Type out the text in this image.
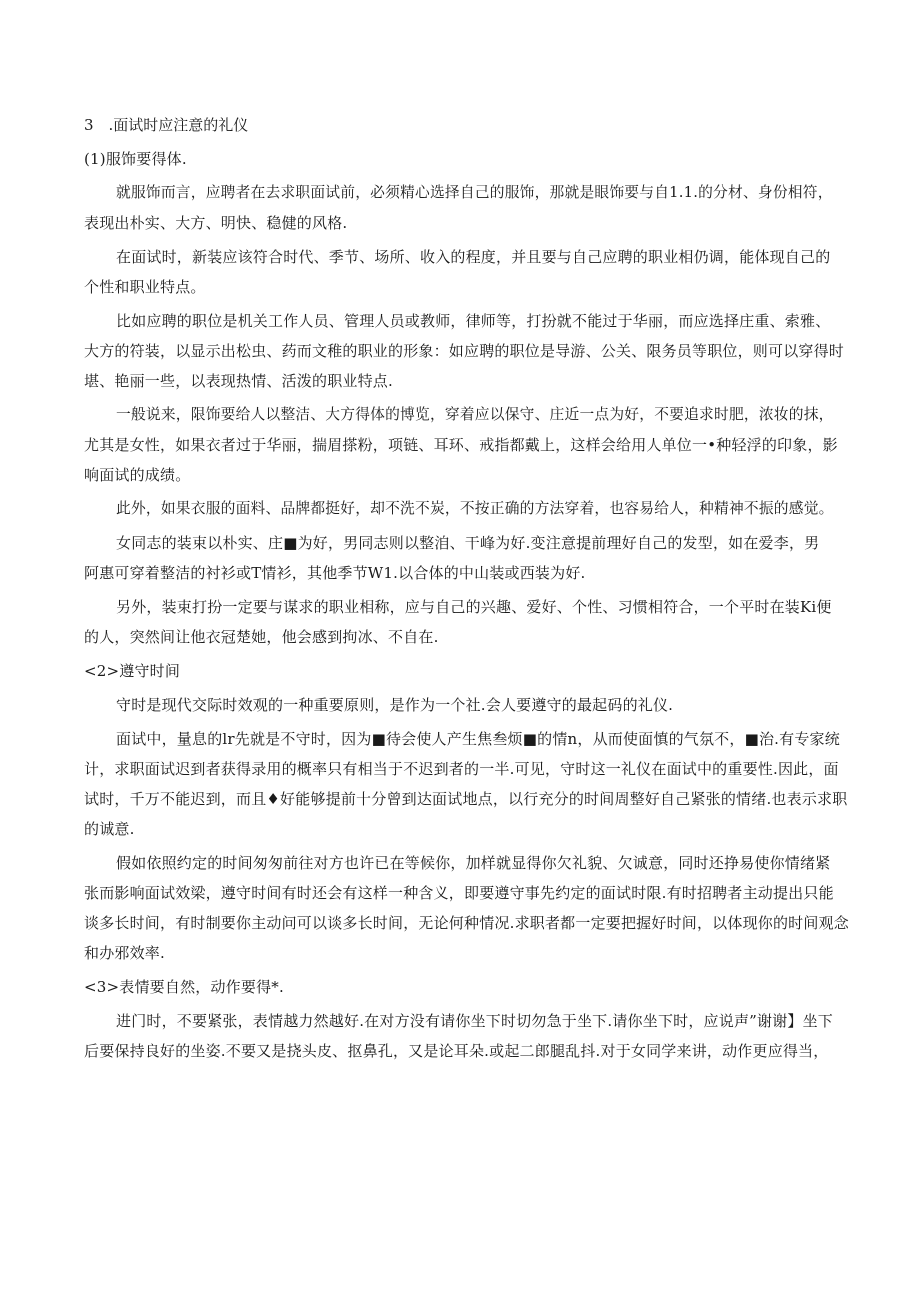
3　.面试时应注意的礼仪
(1)服饰要得体.
就服饰而言，应聘者在去求职面试前，必须精心选择自己的服饰，那就是眼饰要与自1.1.的分材、身份相符，
表现出朴实、大方、明快、稳健的风格.
在面试时，新装应该符合时代、季节、场所、收入的程度，并且要与自己应聘的职业相仍调，能体现自己的
个性和职业特点。
比如应聘的职位是机关工作人员、管理人员或教师，律师等，打扮就不能过于华丽，而应选择庄重、索雅、
大方的符装，以显示出松虫、药而文稚的职业的形象：如应聘的职位是导游、公关、限务员等职位，则可以穿得时
堪、艳丽一些，以表现热情、活泼的职业特点.
一般说来，限饰要给人以整洁、大方得体的博览，穿着应以保守、庄近一点为好，不要追求时肥，浓妆的抹，
尤其是女性，如果衣者过于华丽，揣眉搽粉，项链、耳环、戒指都戴上，这样会给用人单位一•种轻浮的印象，影
响面试的成绩。
此外，如果衣服的面料、品牌都挺好，却不洗不炭，不按正确的方法穿着，也容易给人，种精神不振的感觉。
女同志的装束以朴实、庄■为好，男同志则以整洎、干峰为好.变注意提前理好自己的发型，如在爱李，男
阿惠可穿着整洁的衬衫或T情衫，其他季节W1.以合体的中山装或西装为好.
另外，装束打扮一定要与谋求的职业相称，应与自己的兴趣、爱好、个性、习惯相符合，一个平时在装Ki便
的人，突然间让他衣冠楚她，他会感到拘冰、不自在.
<2>遵守时间
守时是现代交际时效观的一种重要原则，是作为一个社.会人要遵守的最起码的礼仪.
面试中，量息的lr先就是不守时，因为■待会使人产生焦叁烦■的情n，从而使面慎的气氛不，■治.有专家统
计，求职面试迟到者获得录用的概率只有相当于不迟到者的一半.可见，守时这一礼仪在面试中的重要性.因此，面
试时，千万不能迟到，而且♦好能够提前十分曾到达面试地点，以行充分的时间周整好自己紧张的情绪.也表示求职
的诚意.
假如依照约定的时间匆匆前往对方也许已在等候你，加样就显得你欠礼貌、欠诚意，同时还挣易使你情绪紧
张而影响面试效梁，遵守时间有时还会有这样一种含义，即要遵守事先约定的面试时限.有时招聘者主动提出只能
谈多长时间，有时制要你主动问可以谈多长时间，无论何种情况.求职者都一定要把握好时间，以体现你的时间观念
和办邪效率.
<3>表情要自然，动作要得*.
进门时，不要紧张，表情越力然越好.在对方没有请你坐下时切勿急于坐下.请你坐下时，应说声”谢谢】坐下
后要保持良好的坐姿.不要又是挠头皮、抠鼻孔，又是论耳朵.或起二郎腿乱抖.对于女同学来讲，动作更应得当，
